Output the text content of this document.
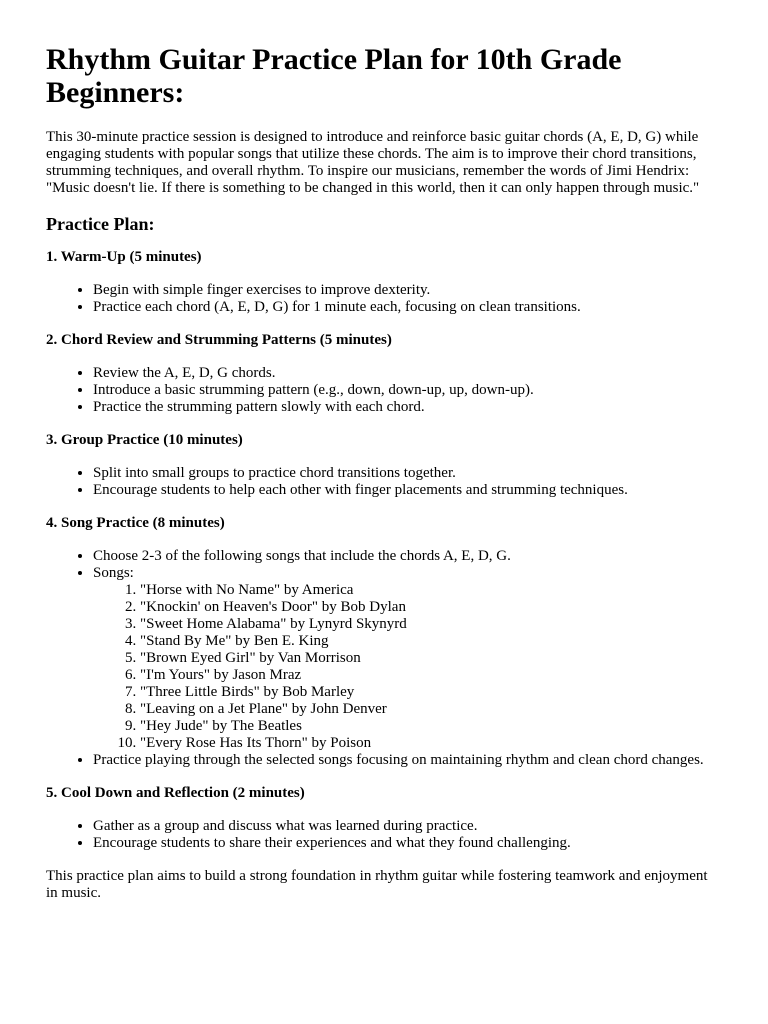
Rhythm Guitar Practice Plan for 10th Grade Beginners:

This 30-minute practice session is designed to introduce and reinforce basic guitar chords (A, E, D, G) while engaging students with popular songs that utilize these chords. The aim is to improve their chord transitions, strumming techniques, and overall rhythm. To inspire our musicians, remember the words of Jimi Hendrix: "Music doesn't lie. If there is something to be changed in this world, then it can only happen through music."

Practice Plan:
1. Warm-Up (5 minutes)
• Begin with simple finger exercises to improve dexterity.
• Practice each chord (A, E, D, G) for 1 minute each, focusing on clean transitions.
2. Chord Review and Strumming Patterns (5 minutes)
• Review the A, E, D, G chords.
• Introduce a basic strumming pattern (e.g., down, down-up, up, down-up).
• Practice the strumming pattern slowly with each chord.
3. Group Practice (10 minutes)
• Split into small groups to practice chord transitions together.
• Encourage students to help each other with finger placements and strumming techniques.
4. Song Practice (8 minutes)
• Choose 2-3 of the following songs that include the chords A, E, D, G.
• Songs:
1. "Horse with No Name" by America
2. "Knockin' on Heaven's Door" by Bob Dylan
3. "Sweet Home Alabama" by Lynyrd Skynyrd
4. "Stand By Me" by Ben E. King
5. "Brown Eyed Girl" by Van Morrison
6. "I'm Yours" by Jason Mraz
7. "Three Little Birds" by Bob Marley
8. "Leaving on a Jet Plane" by John Denver
9. "Hey Jude" by The Beatles
10. "Every Rose Has Its Thorn" by Poison
• Practice playing through the selected songs focusing on maintaining rhythm and clean chord changes.
5. Cool Down and Reflection (2 minutes)
• Gather as a group and discuss what was learned during practice.
• Encourage students to share their experiences and what they found challenging.

This practice plan aims to build a strong foundation in rhythm guitar while fostering teamwork and enjoyment in music.
